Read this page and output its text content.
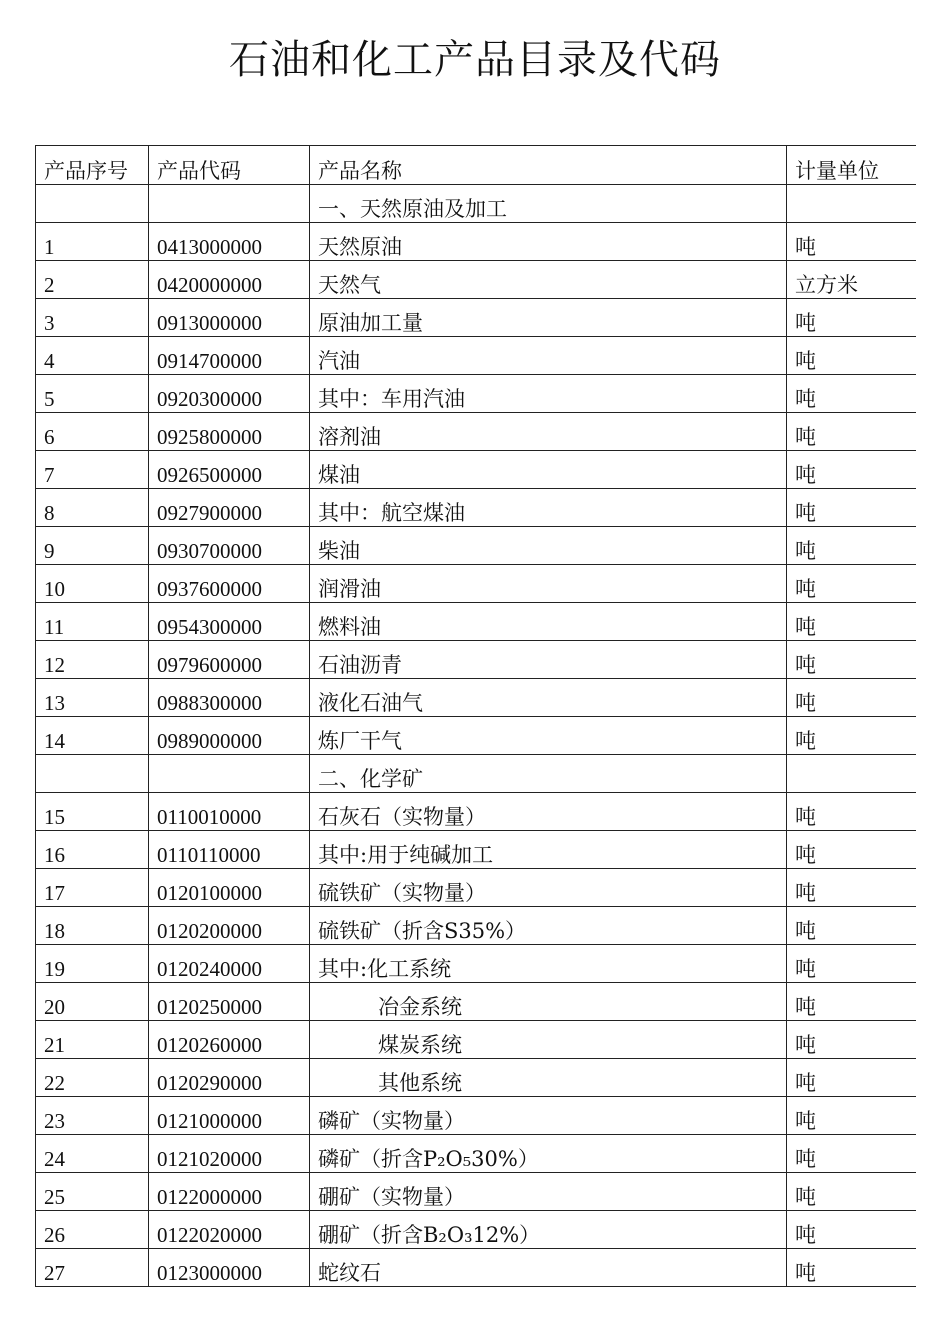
石油和化工产品目录及代码
产品序号	产品代码	产品名称	计量单位
		一、天然原油及加工	
1	0413000000	天然原油	吨
2	0420000000	天然气	立方米
3	0913000000	原油加工量	吨
4	0914700000	汽油	吨
5	0920300000	其中：车用汽油	吨
6	0925800000	溶剂油	吨
7	0926500000	煤油	吨
8	0927900000	其中：航空煤油	吨
9	0930700000	柴油	吨
10	0937600000	润滑油	吨
11	0954300000	燃料油	吨
12	0979600000	石油沥青	吨
13	0988300000	液化石油气	吨
14	0989000000	炼厂干气	吨
		二、化学矿	
15	0110010000	石灰石（实物量）	吨
16	0110110000	其中:用于纯碱加工	吨
17	0120100000	硫铁矿（实物量）	吨
18	0120200000	硫铁矿（折含S35%）	吨
19	0120240000	其中:化工系统	吨
20	0120250000	冶金系统	吨
21	0120260000	煤炭系统	吨
22	0120290000	其他系统	吨
23	0121000000	磷矿（实物量）	吨
24	0121020000	磷矿（折含P₂O₅30%）	吨
25	0122000000	硼矿（实物量）	吨
26	0122020000	硼矿（折含B₂O₃12%）	吨
27	0123000000	蛇纹石	吨
